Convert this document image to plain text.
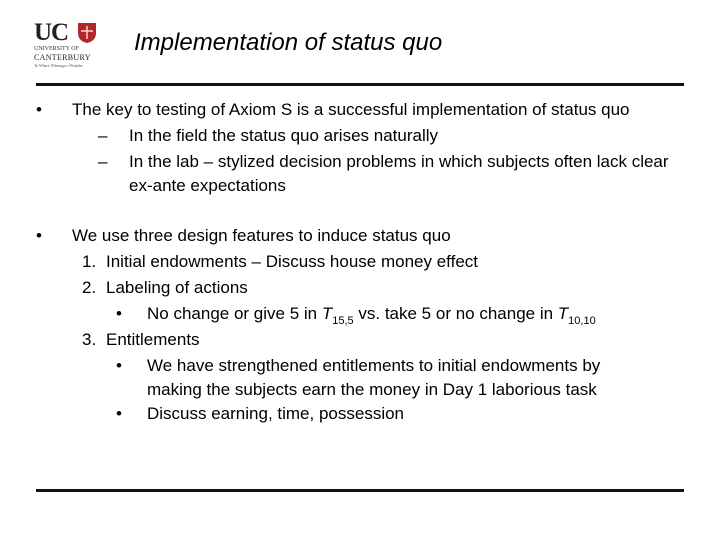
UC
UNIVERSITY OF
CANTERBURY
Te Whare Wānanga o Waitaha
Implementation of status quo
• The key to testing of Axiom S is a successful implementation of status quo
– In the field the status quo arises naturally
– In the lab – stylized decision problems in which subjects often lack clear
ex-ante expectations
• We use three design features to induce status quo
1. Initial endowments – Discuss house money effect
2. Labeling of actions
• No change or give 5 in $T_{15,5}$ vs. take 5 or no change in $T_{10,10}$
3. Entitlements
• We have strengthened entitlements to initial endowments by
making the subjects earn the money in Day 1 laborious task
• Discuss earning, time, possession
